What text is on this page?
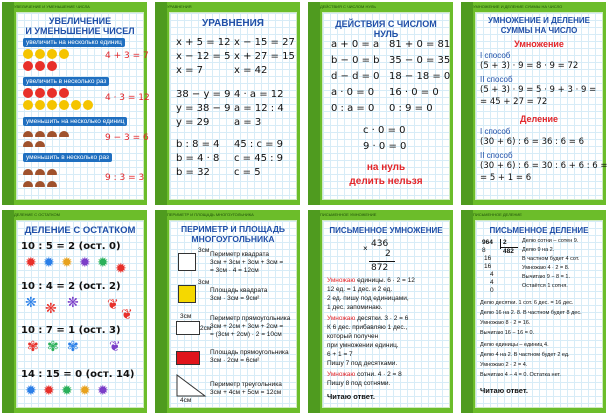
УВЕЛИЧЕНИЕ И УМЕНЬШЕНИЕ ЧИСЛА
УВЕЛИЧЕНИЕ
И УМЕНЬШЕНИЕ ЧИСЕЛ
увеличить на несколько единиц
4 + 3 = 7
увеличить в несколько раз
4 · 3 = 12
уменьшить на несколько единиц
9 − 3 = 6
уменьшить в несколько раз
9 : 3 = 3
УРАВНЕНИЯ
УРАВНЕНИЯ
x + 5 = 12 x − 15 = 27
x − 12 = 5 x + 27 = 15
x = 7	x = 42
38 − y = 9 4 · a = 12
y = 38 − 9 a = 12 : 4
y = 29 a = 3
b : 8 = 4 45 : c = 9
b = 4 · 8 c = 45 : 9
b = 32 c = 5
ДЕЙСТВИЯ С ЧИСЛОМ НУЛЬ
ДЕЙСТВИЯ С ЧИСЛОМ НУЛЬ
a + 0 = a 81 + 0 = 81
b − 0 = b 35 − 0 = 35
d − d = 0 18 − 18 = 0
a · 0 = 0 16 · 0 = 0
0 : a = 0 0 : 9 = 0
c · 0 = 0
9 · 0 = 0
на нуль
делить нельзя
УМНОЖЕНИЕ И ДЕЛЕНИЕ СУММЫ НА ЧИСЛО
УМНОЖЕНИЕ И ДЕЛЕНИЕ
СУММЫ НА ЧИСЛО
Умножение
I способ
(5 + 3) · 9 = 8 · 9 = 72
II способ
(5 + 3) · 9 = 5 · 9 + 3 · 9 =
= 45 + 27 = 72
Деление
I способ
(30 + 6) : 6 = 36 : 6 = 6
II способ
(30 + 6) : 6 = 30 : 6 + 6 : 6 =
= 5 + 1 = 6
ДЕЛЕНИЕ С ОСТАТКОМ
ДЕЛЕНИЕ С ОСТАТКОМ
10 : 5 = 2 (ост. 0)
✹ ✹ ✹ ✹ ✹ ✹
10 : 4 = 2 (ост. 2)
❋ ❋ ❋ ❦
❦
10 : 7 = 1 (ост. 3)
✾ ✾ ✾ ❦
14 : 15 = 0 (ост. 14)
✹ ✹ ✹ ✹ ✹
ПЕРИМЕТР И ПЛОЩАДЬ МНОГОУГОЛЬНИКА
ПЕРИМЕТР И ПЛОЩАДЬ
МНОГОУГОЛЬНИКА
3см
Периметр квадрата
3см + 3см + 3см + 3см =
= 3см · 4 = 12см
3см
Площадь квадрата
3см · 3см = 9см²
3см
2см
Периметр прямоугольника
3см + 2см + 3см + 2см =
= (3см + 2см) · 2 = 10см
Площадь прямоугольника
3см · 2см = 6см²
4см
Периметр треугольника
3см + 4см + 5см = 12см
ПИСЬМЕННОЕ УМНОЖЕНИЕ
ПИСЬМЕННОЕ УМНОЖЕНИЕ
436
×
2
872
Умножаю единицы. 6 · 2 = 12
12 ед. = 1 дес. и 2 ед.
2 ед. пишу под единицами,
1 дес. запоминаю.
Умножаю десятки. 3 · 2 = 6
К 6 дес. прибавляю 1 дес.,
который получен
при умножении единиц.
6 + 1 = 7
Пишу 7 под десятками.
Умножаю сотни. 4 · 2 = 8
Пишу 8 под сотнями.
Читаю ответ.
ПИСЬМЕННОЕ ДЕЛЕНИЕ
ПИСЬМЕННОЕ ДЕЛЕНИЕ
964 2
8	482
16
16
4
4
0
Делю сотни – сотен 9.
Делю 9 на 2.
В частном будет 4 сот.
Умножаю 4 · 2 = 8.
Вычитаю 9 − 8 = 1.
Остаётся 1 сотня.
Делю десятки. 1 сот. 6 дес. = 16 дес.
Делю 16 на 2. 8. В частном будет 8 дес.
Умножаю 8 · 2 = 16.
Вычитаю 16 − 16 = 0.
Делю единицы – единиц 4.
Делю 4 на 2. В частном будет 2 ед.
Умножаю 2 · 2 = 4.
Вычитаю 4 − 4 = 0. Остатка нет.
Читаю ответ.
